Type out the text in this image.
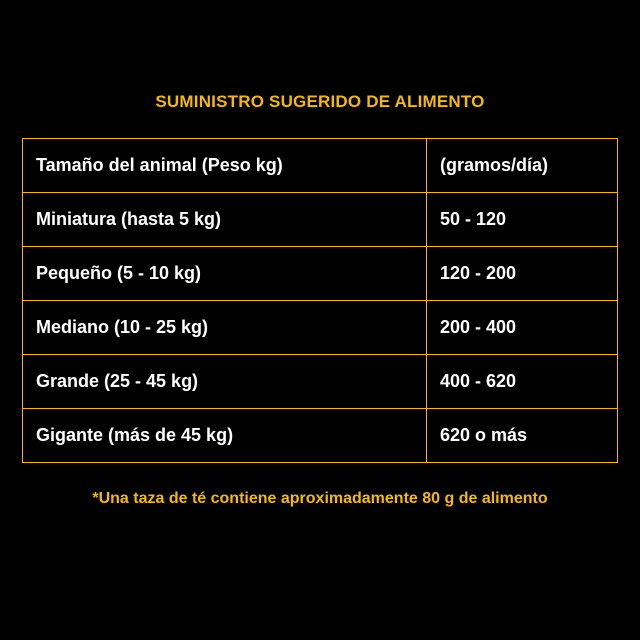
SUMINISTRO SUGERIDO DE ALIMENTO
Tamaño del animal (Peso kg)	(gramos/día)
Miniatura (hasta 5 kg)	50 - 120
Pequeño (5 - 10 kg)	120 - 200
Mediano (10 - 25 kg)	200 - 400
Grande (25 - 45 kg)	400 - 620
Gigante (más de 45 kg)	620 o más
*Una taza de té contiene aproximadamente 80 g de alimento
